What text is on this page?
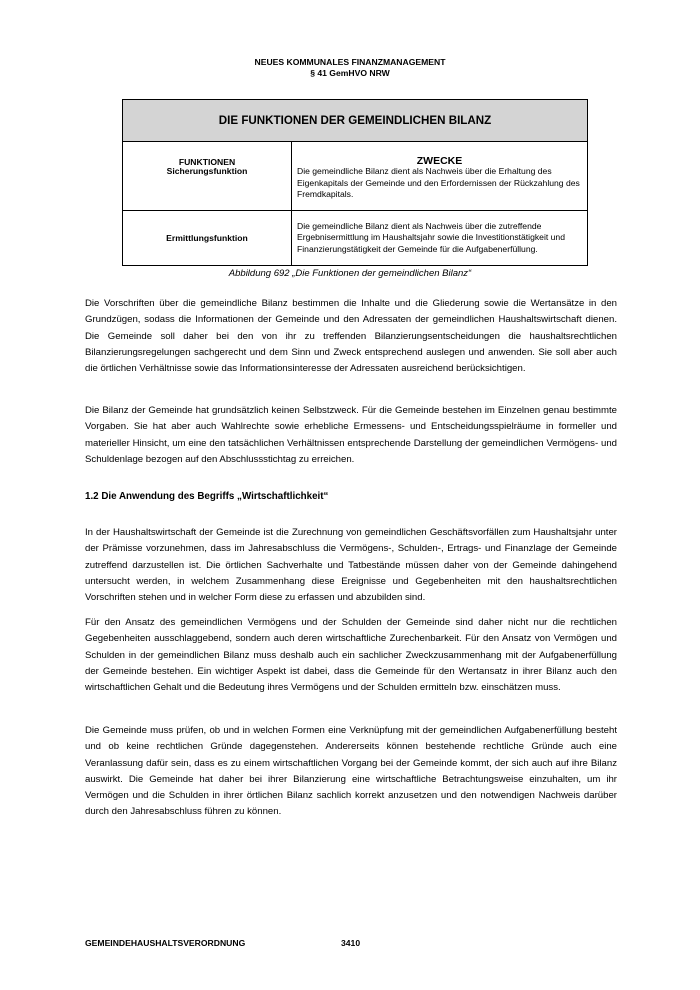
NEUES KOMMUNALES FINANZMANAGEMENT
§ 41 GemHVO NRW
DIE FUNKTIONEN DER GEMEINDLICHEN BILANZ	

FUNKTIONEN	ZWECKE

Sicherungsfunktion	Die gemeindliche Bilanz dient als Nachweis über die Erhaltung des Eigenkapitals der Gemeinde und den Erfordernissen der Rückzahlung des Fremdkapitals.
Ermittlungsfunktion	Die gemeindliche Bilanz dient als Nachweis über die zutreffende Ergebnisermittlung im Haushaltsjahr sowie die Investitionstätigkeit und Finanzierungstätigkeit der Gemeinde für die Aufgabenerfüllung.
Abbildung 692 „Die Funktionen der gemeindlichen Bilanz“

Die Vorschriften über die gemeindliche Bilanz bestimmen die Inhalte und die Gliederung sowie die Wertansätze in den Grundzügen, sodass die Informationen der Gemeinde und den Adressaten der gemeindlichen Haushaltswirtschaft dienen. Die Gemeinde soll daher bei den von ihr zu treffenden Bilanzierungsentscheidungen die haushaltsrechtlichen Bilanzierungsregelungen sachgerecht und dem Sinn und Zweck entsprechend auslegen und anwenden. Sie soll aber auch die örtlichen Verhältnisse sowie das Informationsinteresse der Adressaten ausreichend berücksichtigen.

Die Bilanz der Gemeinde hat grundsätzlich keinen Selbstzweck. Für die Gemeinde bestehen im Einzelnen genau bestimmte Vorgaben. Sie hat aber auch Wahlrechte sowie erhebliche Ermessens- und Entscheidungsspielräume in formeller und materieller Hinsicht, um eine den tatsächlichen Verhältnissen entsprechende Darstellung der gemeindlichen Vermögens- und Schuldenlage bezogen auf den Abschlussstichtag zu erreichen.

1.2 Die Anwendung des Begriffs „Wirtschaftlichkeit“

In der Haushaltswirtschaft der Gemeinde ist die Zurechnung von gemeindlichen Geschäftsvorfällen zum Haushaltsjahr unter der Prämisse vorzunehmen, dass im Jahresabschluss die Vermögens-, Schulden-, Ertrags- und Finanzlage der Gemeinde zutreffend darzustellen ist. Die örtlichen Sachverhalte und Tatbestände müssen daher von der Gemeinde dahingehend untersucht werden, in welchem Zusammenhang diese Ereignisse und Gegebenheiten mit den haushaltsrechtlichen Vorschriften stehen und in welcher Form diese zu erfassen und abzubilden sind.

Für den Ansatz des gemeindlichen Vermögens und der Schulden der Gemeinde sind daher nicht nur die rechtlichen Gegebenheiten ausschlaggebend, sondern auch deren wirtschaftliche Zurechenbarkeit. Für den Ansatz von Vermögen und Schulden in der gemeindlichen Bilanz muss deshalb auch ein sachlicher Zweckzusammenhang mit der Aufgabenerfüllung der Gemeinde bestehen. Ein wichtiger Aspekt ist dabei, dass die Gemeinde für den Wertansatz in ihrer Bilanz auch den wirtschaftlichen Gehalt und die Bedeutung ihres Vermögens und der Schulden ermitteln bzw. einschätzen muss.

Die Gemeinde muss prüfen, ob und in welchen Formen eine Verknüpfung mit der gemeindlichen Aufgabenerfüllung besteht und ob keine rechtlichen Gründe dagegenstehen. Andererseits können bestehende rechtliche Gründe auch eine Veranlassung dafür sein, dass es zu einem wirtschaftlichen Vorgang bei der Gemeinde kommt, der sich auch auf ihre Bilanz auswirkt. Die Gemeinde hat daher bei ihrer Bilanzierung eine wirtschaftliche Betrachtungsweise einzuhalten, um ihr Vermögen und die Schulden in ihrer örtlichen Bilanz sachlich korrekt anzusetzen und den notwendigen Nachweis darüber durch den Jahresabschluss führen zu können.

GEMEINDEHAUSHALTSVERORDNUNG	3410
